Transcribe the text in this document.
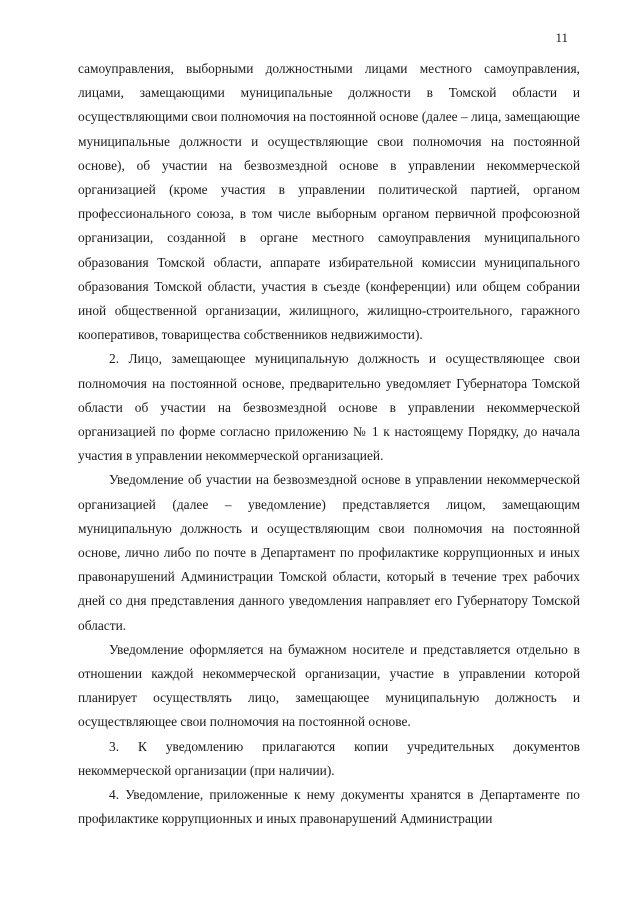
11

самоуправления, выборными должностными лицами местного самоуправления, лицами, замещающими муниципальные должности в Томской области и осуществляющими свои полномочия на постоянной основе (далее – лица, замещающие муниципальные должности и осуществляющие свои полномочия на постоянной основе), об участии на безвозмездной основе в управлении некоммерческой организацией (кроме участия в управлении политической партией, органом профессионального союза, в том числе выборным органом первичной профсоюзной организации, созданной в органе местного самоуправления муниципального образования Томской области, аппарате избирательной комиссии муниципального образования Томской области, участия в съезде (конференции) или общем собрании иной общественной организации, жилищного, жилищно-строительного, гаражного кооперативов, товарищества собственников недвижимости).

2. Лицо, замещающее муниципальную должность и осуществляющее свои полномочия на постоянной основе, предварительно уведомляет Губернатора Томской области об участии на безвозмездной основе в управлении некоммерческой организацией по форме согласно приложению № 1 к настоящему Порядку, до начала участия в управлении некоммерческой организацией.

Уведомление об участии на безвозмездной основе в управлении некоммерческой организацией (далее – уведомление) представляется лицом, замещающим муниципальную должность и осуществляющим свои полномочия на постоянной основе, лично либо по почте в Департамент по профилактике коррупционных и иных правонарушений Администрации Томской области, который в течение трех рабочих дней со дня представления данного уведомления направляет его Губернатору Томской области.

Уведомление оформляется на бумажном носителе и представляется отдельно в отношении каждой некоммерческой организации, участие в управлении которой планирует осуществлять лицо, замещающее муниципальную должность и осуществляющее свои полномочия на постоянной основе.

3. К уведомлению прилагаются копии учредительных документов некоммерческой организации (при наличии).

4. Уведомление, приложенные к нему документы хранятся в Департаменте по профилактике коррупционных и иных правонарушений Администрации
